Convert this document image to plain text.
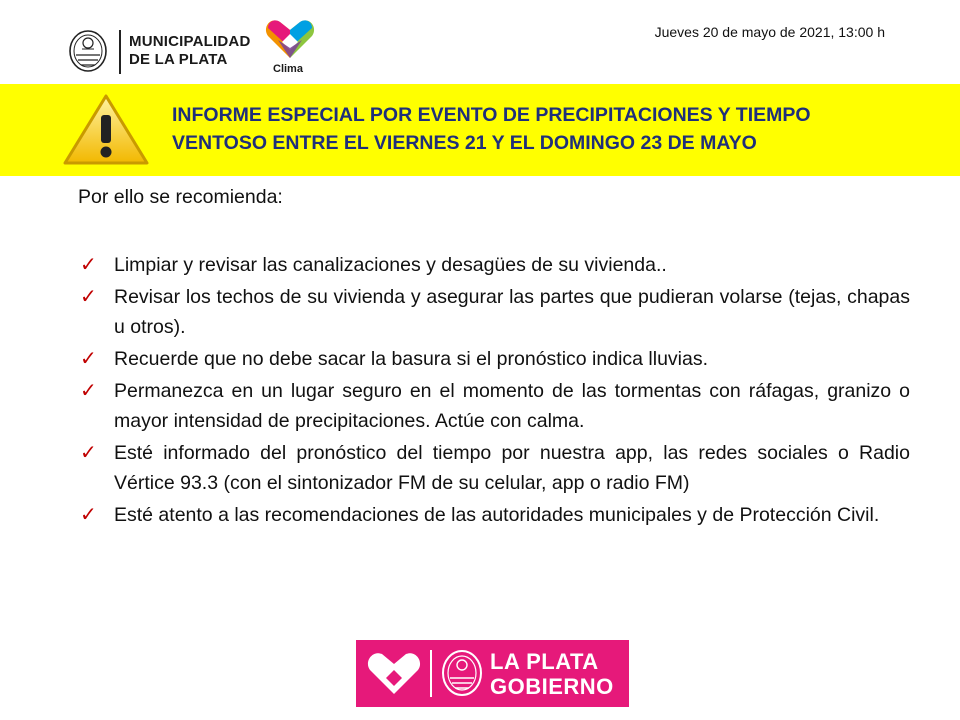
MUNICIPALIDAD
DE LA PLATA
Clima
Jueves 20 de mayo de 2021, 13:00 h
INFORME ESPECIAL POR EVENTO DE PRECIPITACIONES Y TIEMPO
VENTOSO ENTRE EL VIERNES 21 Y EL DOMINGO 23 DE MAYO
Por ello se recomienda:
✓ Limpiar y revisar las canalizaciones y desagües de su vivienda..
✓ Revisar los techos de su vivienda y asegurar las partes que pudieran volarse (tejas, chapas u otros).
✓ Recuerde que no debe sacar la basura si el pronóstico indica lluvias.
✓ Permanezca en un lugar seguro en el momento de las tormentas con ráfagas, granizo o mayor intensidad de precipitaciones. Actúe con calma.
✓ Esté informado del pronóstico del tiempo por nuestra app, las redes sociales o Radio Vértice 93.3 (con el sintonizador FM de su celular, app o radio FM)
✓ Esté atento a las recomendaciones de las autoridades municipales y de Protección Civil.
LA PLATA
GOBIERNO
